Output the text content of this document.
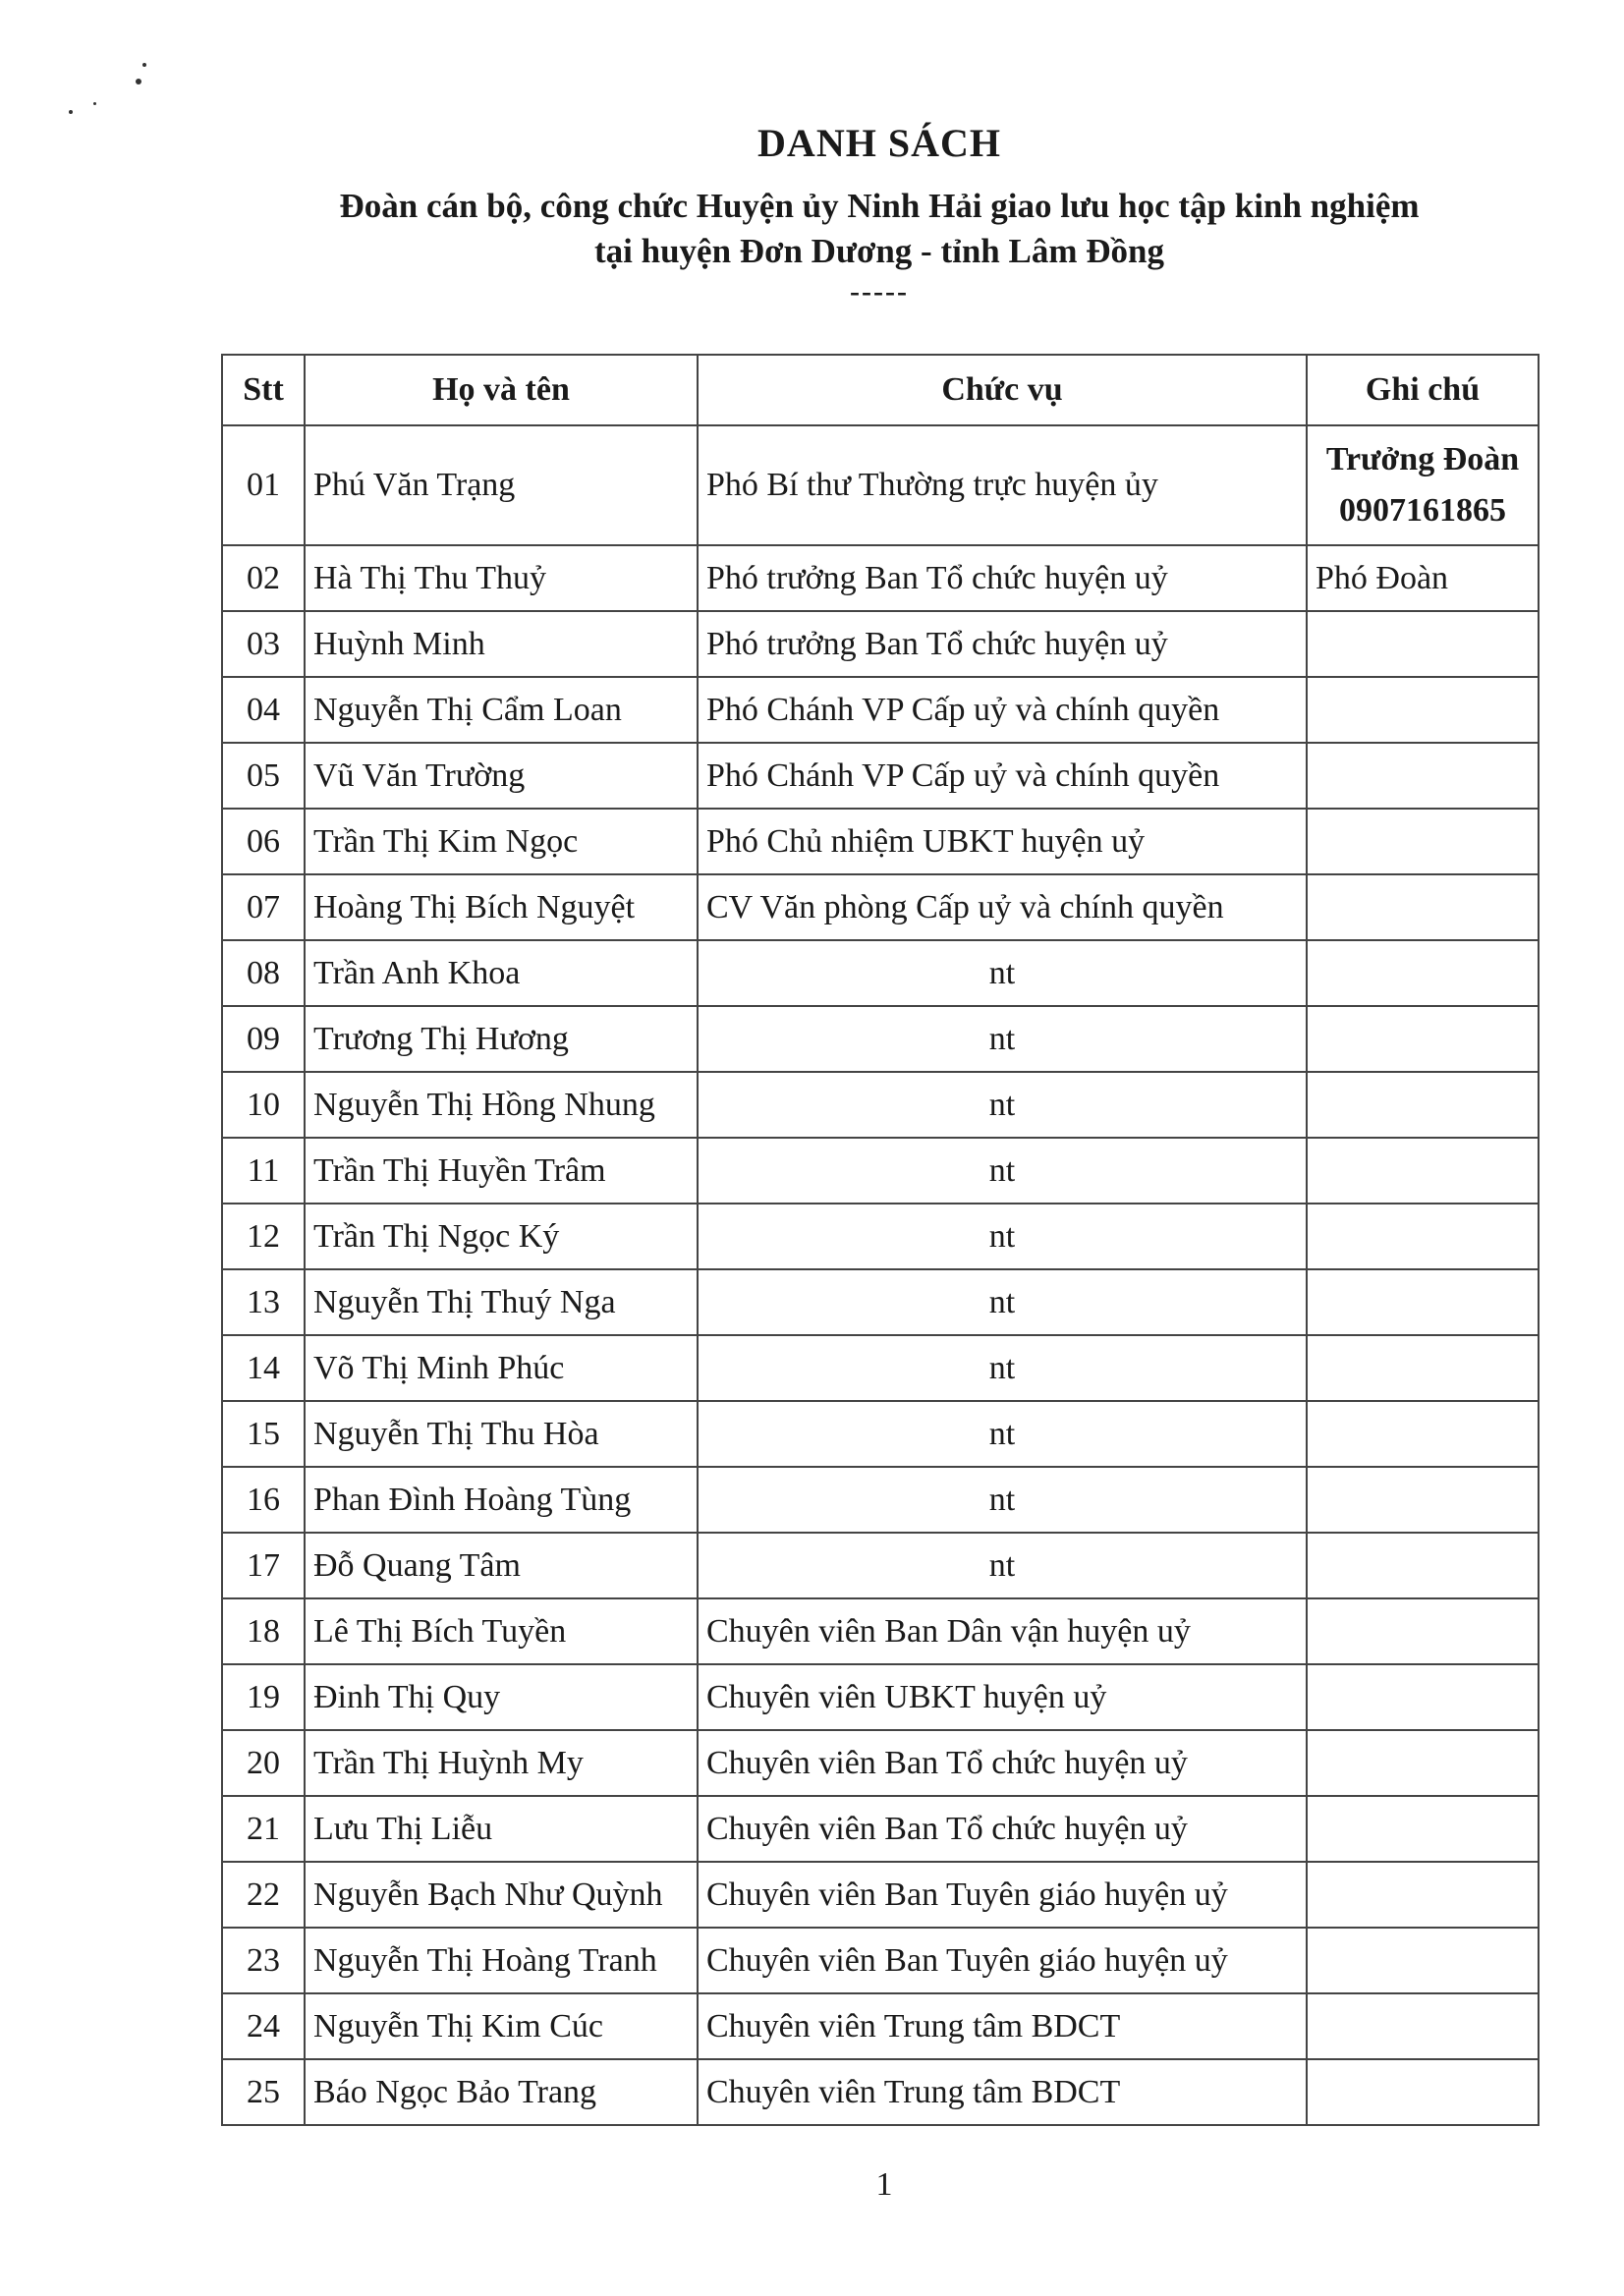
DANH SÁCH
Đoàn cán bộ, công chức Huyện ủy Ninh Hải giao lưu học tập kinh nghiệm
tại huyện Đơn Dương - tỉnh Lâm Đồng
-----
Stt	Họ và tên	Chức vụ	Ghi chú
01	Phú Văn Trạng	Phó Bí thư Thường trực huyện ủy	Trưởng Đoàn
0907161865

02	Hà Thị Thu Thuỷ	Phó trưởng Ban Tổ chức huyện uỷ	Phó Đoàn
03	Huỳnh Minh	Phó trưởng Ban Tổ chức huyện uỷ	
04	Nguyễn Thị Cẩm Loan	Phó Chánh VP Cấp uỷ và chính quyền	
05	Vũ Văn Trường	Phó Chánh VP Cấp uỷ và chính quyền	
06	Trần Thị Kim Ngọc	Phó Chủ nhiệm UBKT huyện uỷ	
07	Hoàng Thị Bích Nguyệt	CV Văn phòng Cấp uỷ và chính quyền	
08	Trần Anh Khoa	nt	
09	Trương Thị Hương	nt	
10	Nguyễn Thị Hồng Nhung	nt	
11	Trần Thị Huyền Trâm	nt	
12	Trần Thị Ngọc Ký	nt	
13	Nguyễn Thị Thuý Nga	nt	
14	Võ Thị Minh Phúc	nt	
15	Nguyễn Thị Thu Hòa	nt	
16	Phan Đình Hoàng Tùng	nt	
17	Đỗ Quang Tâm	nt	
18	Lê Thị Bích Tuyền	Chuyên viên Ban Dân vận huyện uỷ	
19	Đinh Thị Quy	Chuyên viên UBKT huyện uỷ	
20	Trần Thị Huỳnh My	Chuyên viên Ban Tổ chức huyện uỷ	
21	Lưu Thị Liễu	Chuyên viên Ban Tổ chức huyện uỷ	
22	Nguyễn Bạch Như Quỳnh	Chuyên viên Ban Tuyên giáo huyện uỷ	
23	Nguyễn Thị Hoàng Tranh	Chuyên viên Ban Tuyên giáo huyện uỷ	
24	Nguyễn Thị Kim Cúc	Chuyên viên Trung tâm BDCT	
25	Báo Ngọc Bảo Trang	Chuyên viên Trung tâm BDCT	
1
